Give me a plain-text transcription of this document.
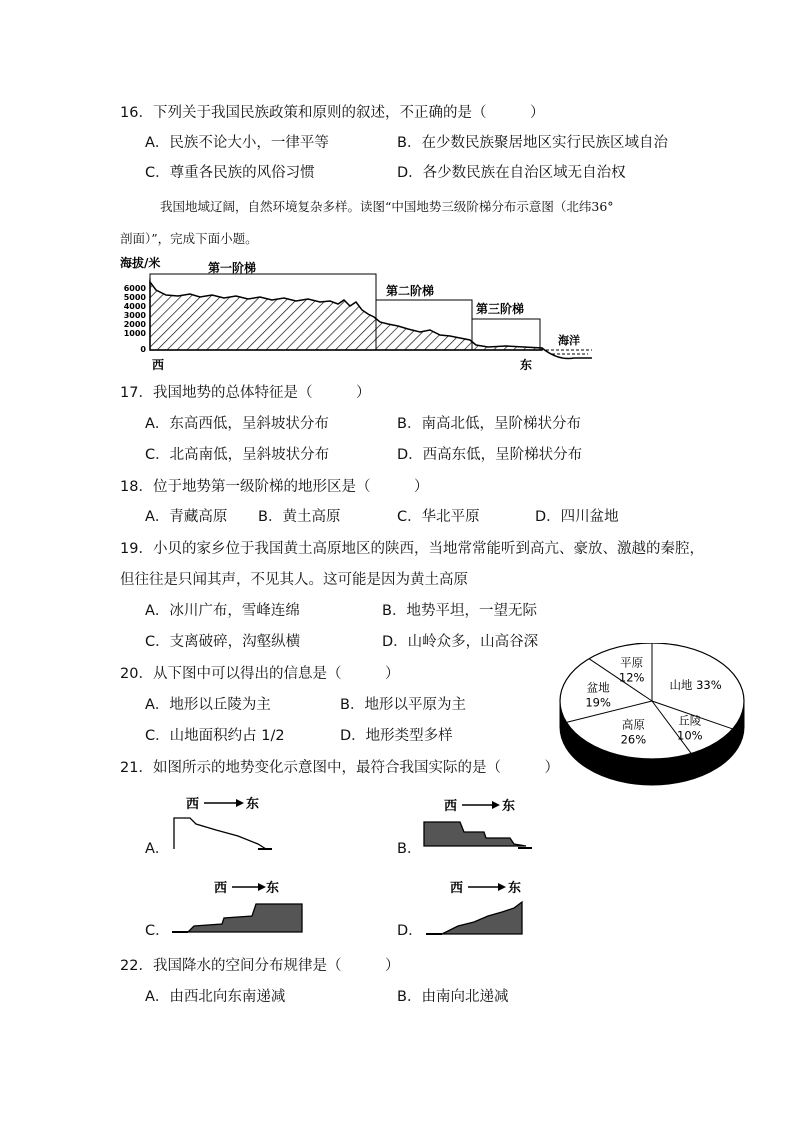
16．下列关于我国民族政策和原则的叙述，不正确的是（　　　）
A．民族不论大小，一律平等	B．在少数民族聚居地区实行民族区域自治
C．尊重各民族的风俗习惯	D．各少数民族在自治区域无自治权
我国地域辽阔，自然环境复杂多样。读图“中国地势三级阶梯分布示意图（北纬36°
剖面）”，完成下面小题。
海拔/米
6000
5000
4000
3000
2000
1000
0
第一阶梯
第二阶梯
第三阶梯
海洋
西	东
17．我国地势的总体特征是（　　　）
A．东高西低，呈斜坡状分布	B．南高北低，呈阶梯状分布
C．北高南低，呈斜坡状分布	D．西高东低，呈阶梯状分布
18．位于地势第一级阶梯的地形区是（　　　）
A．青藏高原 B．黄土高原	C．华北平原	D．四川盆地
19．小贝的家乡位于我国黄土高原地区的陕西，当地常常能听到高亢、豪放、激越的秦腔，
但往往是只闻其声，不见其人。这可能是因为黄土高原
A．冰川广布，雪峰连绵	B．地势平坦，一望无际
C．支离破碎，沟壑纵横	D．山岭众多，山高谷深
20．从下图中可以得出的信息是（　　　）
A．地形以丘陵为主	B．地形以平原为主
C．山地面积约占 1/2	D．地形类型多样
山地 33%
丘陵
10%
高原
26%
盆地
19%
平原
12%
21．如图所示的地势变化示意图中，最符合我国实际的是（　　　）
A．
西	东
B．
西	东
C．
西	东
D．
西	东
22．我国降水的空间分布规律是（　　　）
A．由西北向东南递减	B．由南向北递减
